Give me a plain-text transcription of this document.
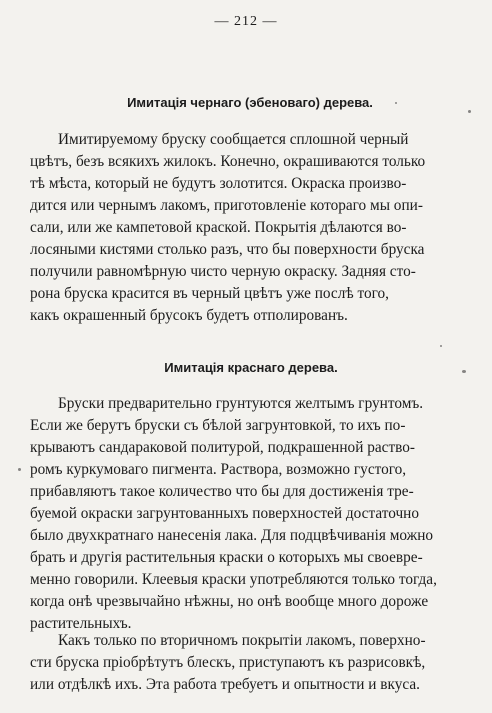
— 212 —
Имитація чернаго (эбеноваго) дерева.
Имитируемому бруску сообщается сплошной черный
цвѣтъ, безъ всякихъ жилокъ. Конечно, окрашиваются только
тѣ мѣста, который не будутъ золотится. Окраска произво-
дится или чернымъ лакомъ, приготовленіе котораго мы опи-
сали, или же кампетовой краской. Покрытія дѣлаются во-
лосяными кистями столько разъ, что бы поверхности бруска
получили равномѣрную чисто черную окраску. Задняя сто-
рона бруска красится въ черный цвѣтъ уже послѣ того,
какъ окрашенный брусокъ будетъ отполированъ.
Имитація краснаго дерева.
Бруски предварительно грунтуются желтымъ грунтомъ.
Если же берутъ бруски съ бѣлой загрунтовкой, то ихъ по-
крываютъ сандараковой политурой, подкрашенной раство-
ромъ куркумоваго пигмента. Раствора, возможно густого,
прибавляютъ такое количество что бы для достиженія тре-
буемой окраски загрунтованныхъ поверхностей достаточно
было двухкратнаго нанесенія лака. Для подцвѣчиванія можно
брать и другія растительныя краски о которыхъ мы своевре-
менно говорили. Клеевыя краски употребляются только тогда,
когда онѣ чрезвычайно нѣжны, но онѣ вообще много дороже
растительныхъ.
Какъ только по вторичномъ покрытіи лакомъ, поверхно-
сти бруска пріобрѣтутъ блескъ, приступаютъ къ разрисовкѣ,
или отдѣлкѣ ихъ. Эта работа требуетъ и опытности и вкуса.
